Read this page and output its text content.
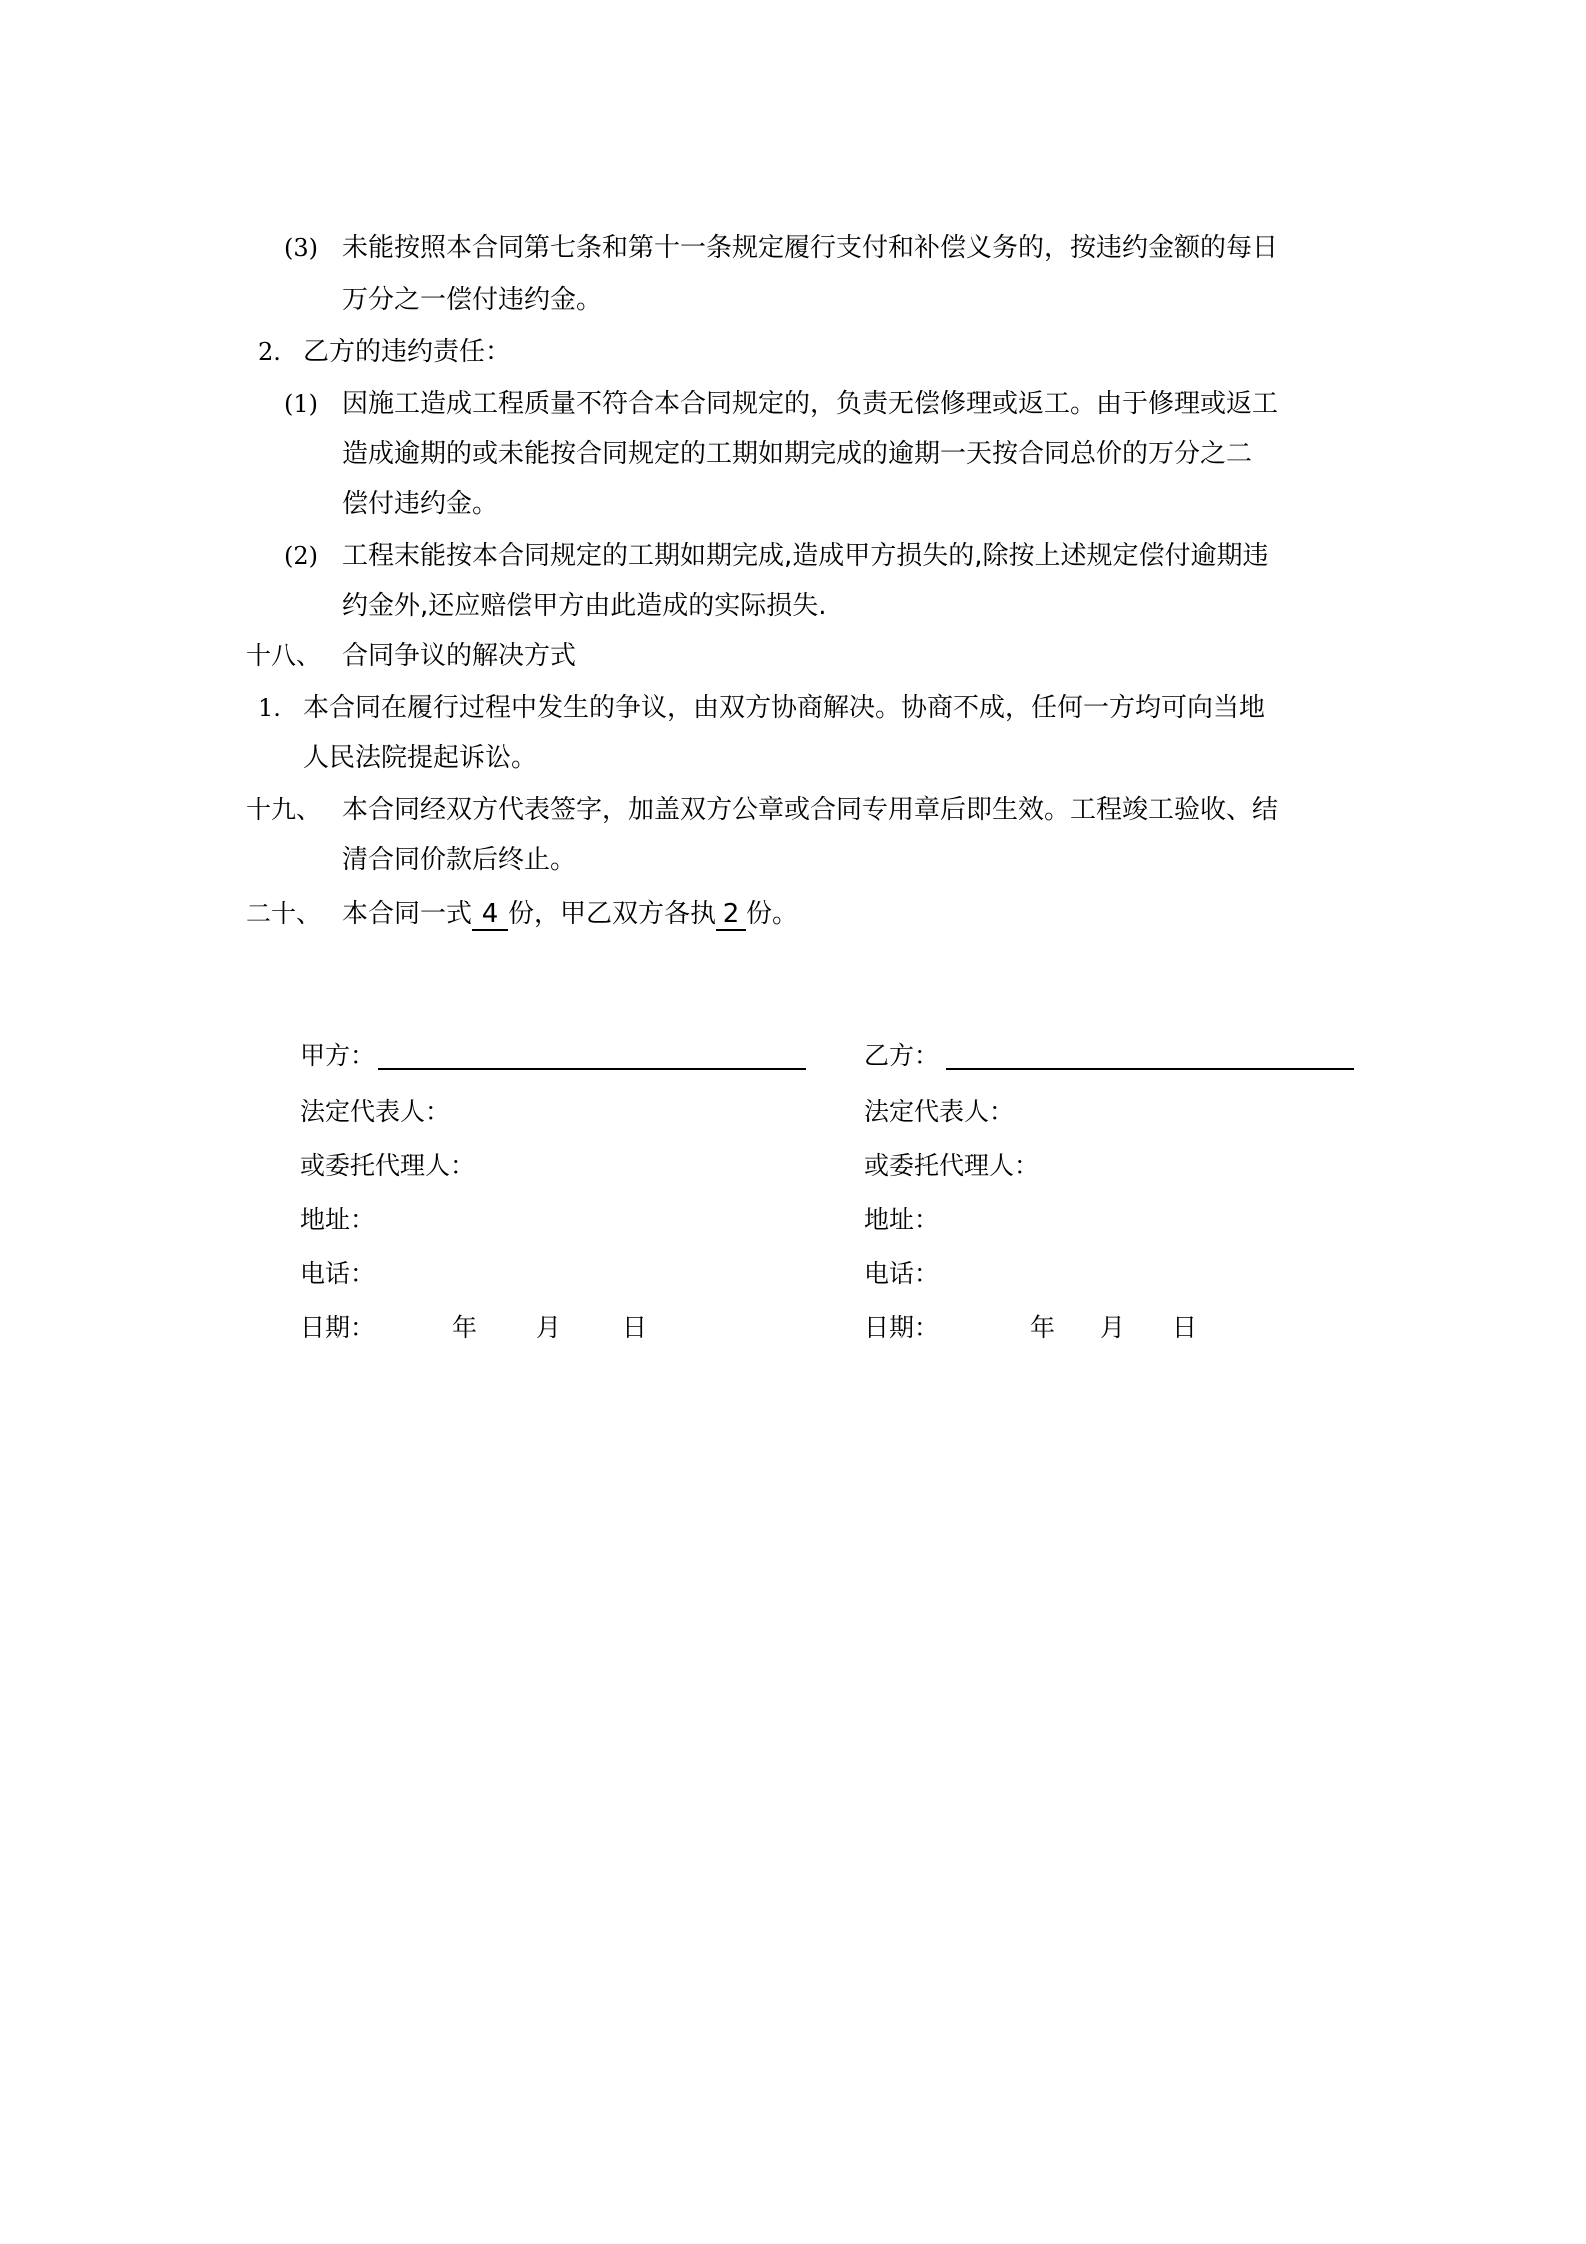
(3) 未能按照本合同第七条和第十一条规定履行支付和补偿义务的，按违约金额的每日
万分之一偿付违约金。
2. 乙方的违约责任：
(1) 因施工造成工程质量不符合本合同规定的，负责无偿修理或返工。由于修理或返工
造成逾期的或未能按合同规定的工期如期完成的逾期一天按合同总价的万分之二
偿付违约金。
(2) 工程末能按本合同规定的工期如期完成,造成甲方损失的,除按上述规定偿付逾期违
约金外,还应赔偿甲方由此造成的实际损失.
十八、 合同争议的解决方式
1. 本合同在履行过程中发生的争议，由双方协商解决。协商不成，任何一方均可向当地
人民法院提起诉讼。
十九、 本合同经双方代表签字，加盖双方公章或合同专用章后即生效。工程竣工验收、结
清合同价款后终止。
二十、 本合同一式 4 份，甲乙双方各执 2 份。
甲方：
法定代表人：
或委托代理人：
地址：
电话：
日期：	年 月 日
乙方：
法定代表人：
或委托代理人：
地址：
电话：
日期：	年 月 日
